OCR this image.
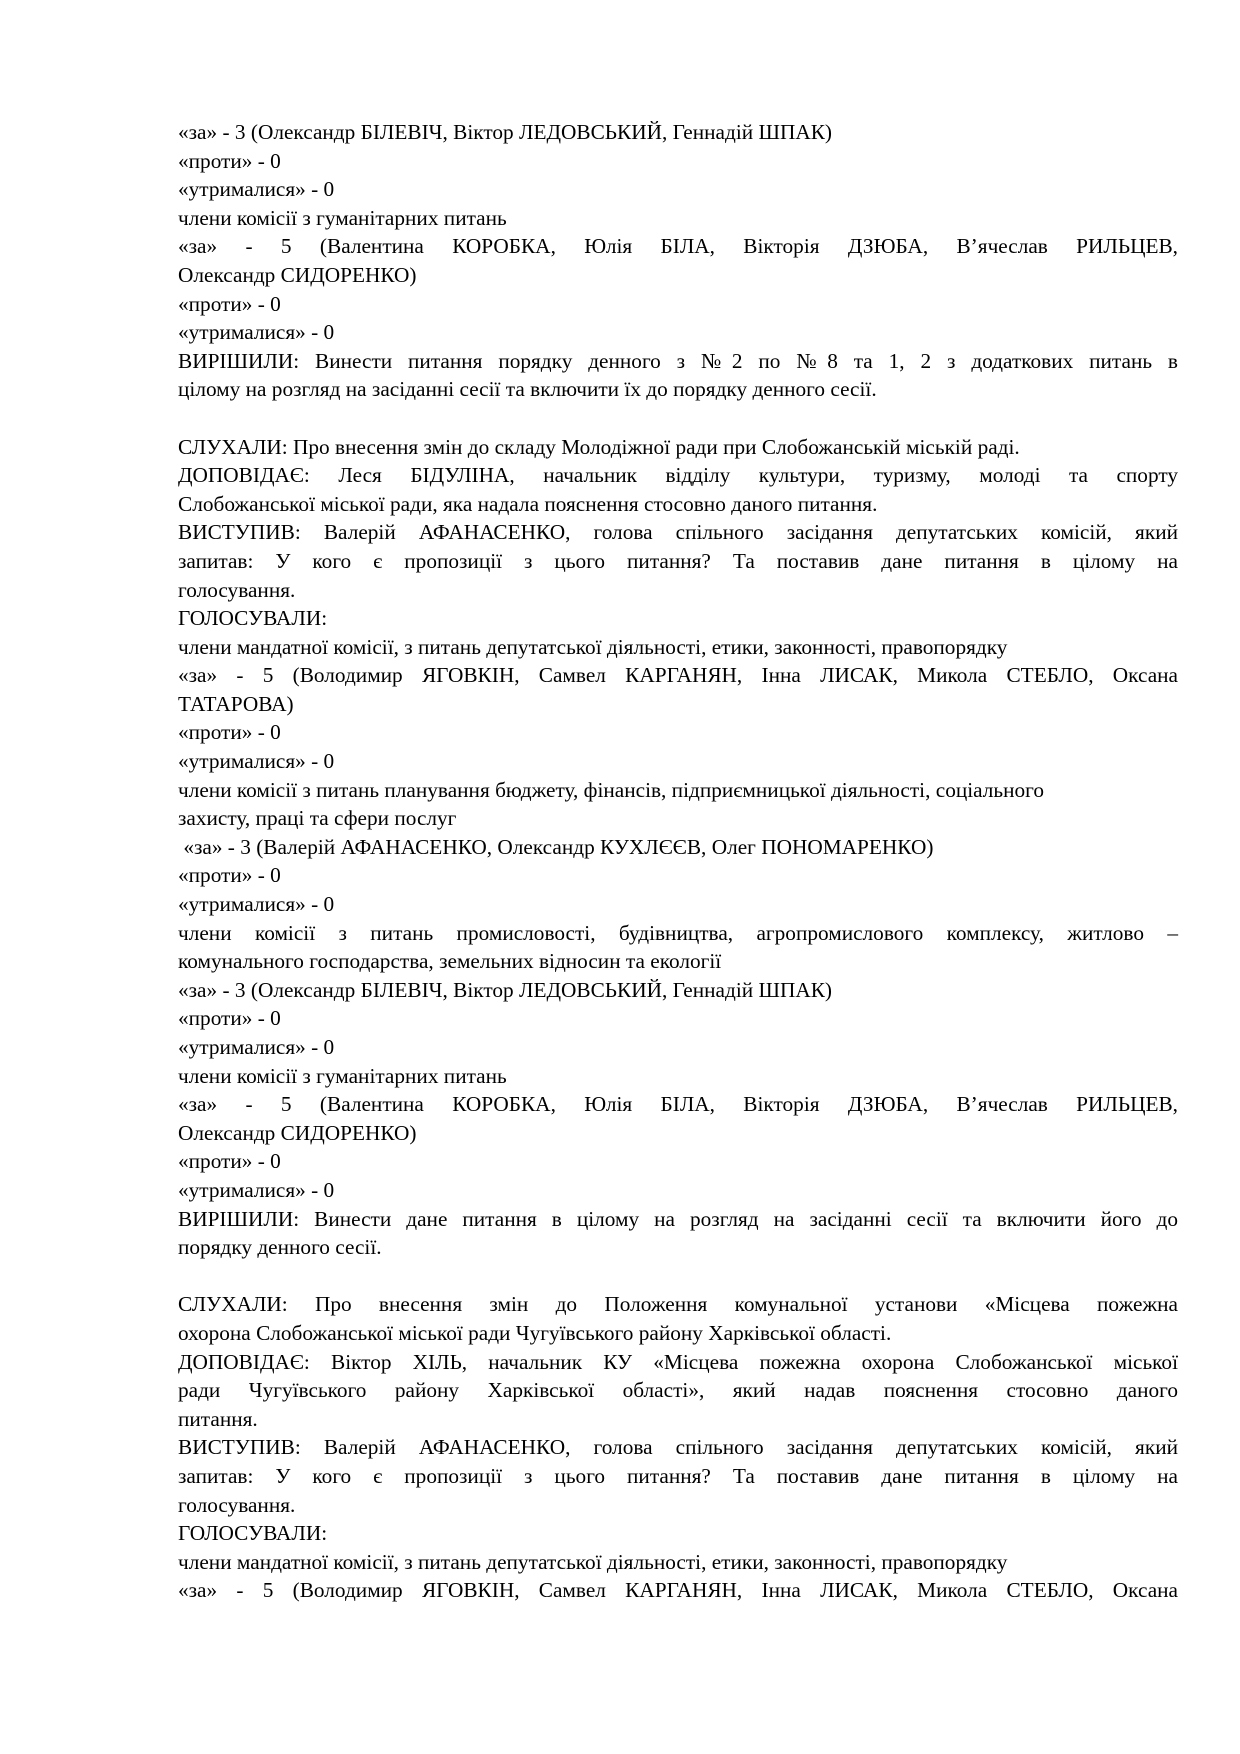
«за» - 3 (Олександр БІЛЕВІЧ, Віктор ЛЕДОВСЬКИЙ, Геннадій ШПАК)
«проти» - 0
«утрималися» - 0
члени комісії з гуманітарних питань
«за» - 5 (Валентина КОРОБКА, Юлія БІЛА, Вікторія ДЗЮБА, В’ячеслав РИЛЬЦЕВ,
Олександр СИДОРЕНКО)
«проти» - 0
«утрималися» - 0
ВИРІШИЛИ: Винести питання порядку денного з №2 по №8 та 1, 2 з додаткових питань в
цілому на розгляд на засіданні сесії та включити їх до порядку денного сесії.
СЛУХАЛИ: Про внесення змін до складу Молодіжної ради при Слобожанській міській раді.
ДОПОВІДАЄ: Леся БІДУЛІНА, начальник відділу культури, туризму, молоді та спорту
Слобожанської міської ради, яка надала пояснення стосовно даного питання.
ВИСТУПИВ: Валерій АФАНАСЕНКО, голова спільного засідання депутатських комісій, який
запитав: У кого є пропозиції з цього питання? Та поставив дане питання в цілому на
голосування.
ГОЛОСУВАЛИ:
члени мандатної комісії, з питань депутатської діяльності, етики, законності, правопорядку
«за» - 5 (Володимир ЯГОВКІН, Самвел КАРГАНЯН, Інна ЛИСАК, Микола СТЕБЛО, Оксана
ТАТАРОВА)
«проти» - 0
«утрималися» - 0
члени комісії з питань планування бюджету, фінансів, підприємницької діяльності, соціального
захисту, праці та сфери послуг
«за» - 3 (Валерій АФАНАСЕНКО, Олександр КУХЛЄЄВ, Олег ПОНОМАРЕНКО)
«проти» - 0
«утрималися» - 0
члени комісії з питань промисловості, будівництва, агропромислового комплексу, житлово –
комунального господарства, земельних відносин та екології
«за» - 3 (Олександр БІЛЕВІЧ, Віктор ЛЕДОВСЬКИЙ, Геннадій ШПАК)
«проти» - 0
«утрималися» - 0
члени комісії з гуманітарних питань
«за» - 5 (Валентина КОРОБКА, Юлія БІЛА, Вікторія ДЗЮБА, В’ячеслав РИЛЬЦЕВ,
Олександр СИДОРЕНКО)
«проти» - 0
«утрималися» - 0
ВИРІШИЛИ: Винести дане питання в цілому на розгляд на засіданні сесії та включити його до
порядку денного сесії.
СЛУХАЛИ: Про внесення змін до Положення комунальної установи «Місцева пожежна
охорона Слобожанської міської ради Чугуївського району Харківської області.
ДОПОВІДАЄ: Віктор ХІЛЬ, начальник КУ «Місцева пожежна охорона Слобожанської міської
ради Чугуївського району Харківської області», який надав пояснення стосовно даного
питання.
ВИСТУПИВ: Валерій АФАНАСЕНКО, голова спільного засідання депутатських комісій, який
запитав: У кого є пропозиції з цього питання? Та поставив дане питання в цілому на
голосування.
ГОЛОСУВАЛИ:
члени мандатної комісії, з питань депутатської діяльності, етики, законності, правопорядку
«за» - 5 (Володимир ЯГОВКІН, Самвел КАРГАНЯН, Інна ЛИСАК, Микола СТЕБЛО, Оксана
